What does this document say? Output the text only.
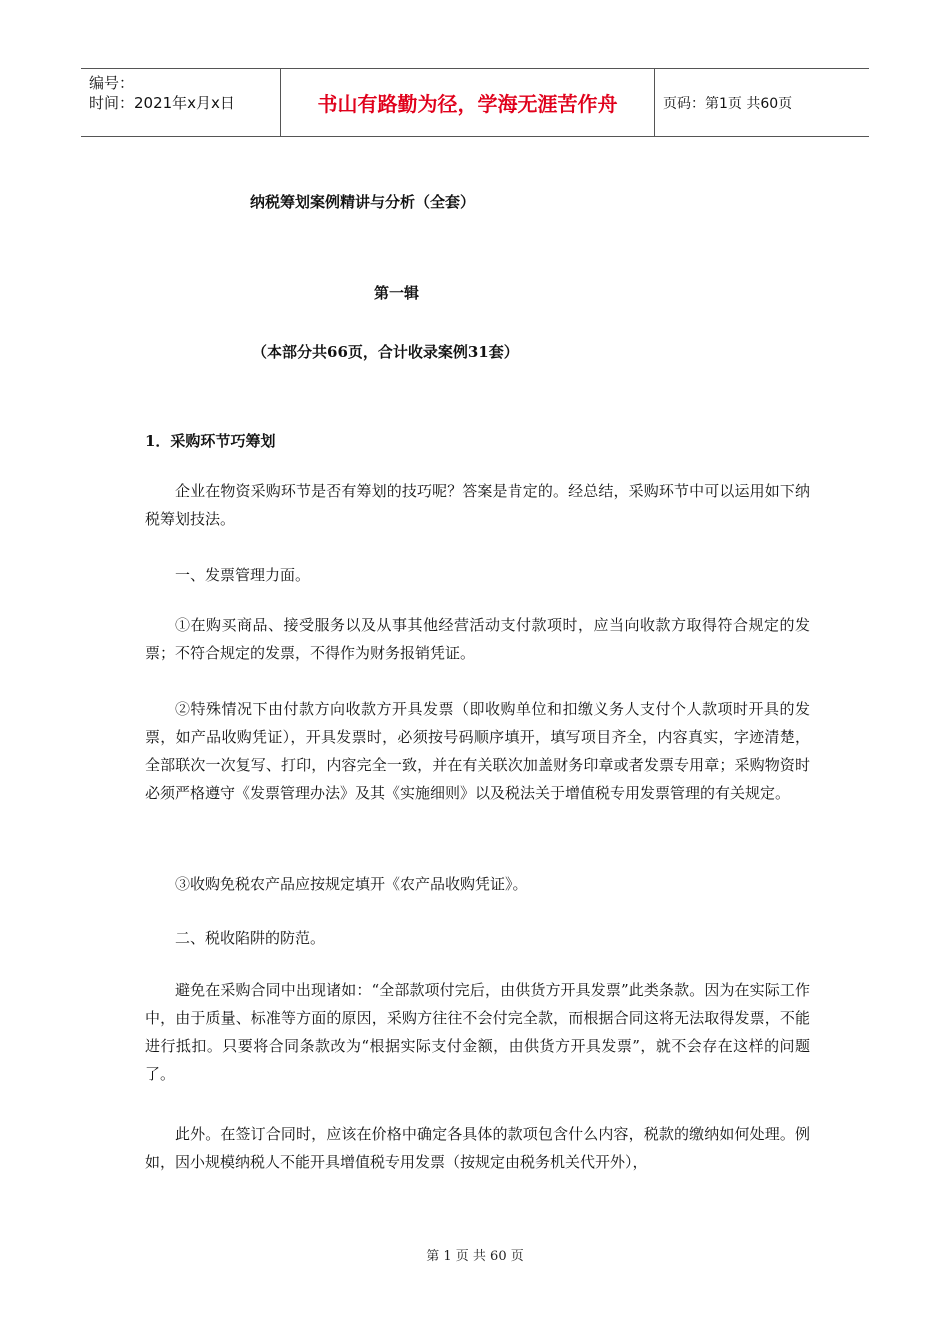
编号：
时间：2021年x月x日	书山有路勤为径，学海无涯苦作舟	页码：第1页 共60页
纳税筹划案例精讲与分析（全套）
第一辑
（本部分共66页，合计收录案例31套）
1．采购环节巧筹划

企业在物资采购环节是否有筹划的技巧呢？答案是肯定的。经总结，采购环节中可以运用如下纳税筹划技法。

一、发票管理力面。

①在购买商品、接受服务以及从事其他经营活动支付款项时，应当向收款方取得符合规定的发票；不符合规定的发票，不得作为财务报销凭证。

②特殊情况下由付款方向收款方开具发票（即收购单位和扣缴义务人支付个人款项时开具的发票，如产品收购凭证），开具发票时，必须按号码顺序填开，填写项目齐全，内容真实，字迹清楚，全部联次一次复写、打印，内容完全一致，并在有关联次加盖财务印章或者发票专用章；采购物资时必须严格遵守《发票管理办法》及其《实施细则》以及税法关于增值税专用发票管理的有关规定。

③收购免税农产品应按规定填开《农产品收购凭证》。

二、税收陷阱的防范。

避免在采购合同中出现诸如：“全部款项付完后，由供货方开具发票”此类条款。因为在实际工作中，由于质量、标准等方面的原因，采购方往往不会付完全款，而根据合同这将无法取得发票，不能进行抵扣。只要将合同条款改为“根据实际支付金额，由供货方开具发票”，就不会存在这样的问题了。

此外。在签订合同时，应该在价格中确定各具体的款项包含什么内容，税款的缴纳如何处理。例如，因小规模纳税人不能开具增值税专用发票（按规定由税务机关代开外），

第 1 页 共 60 页
